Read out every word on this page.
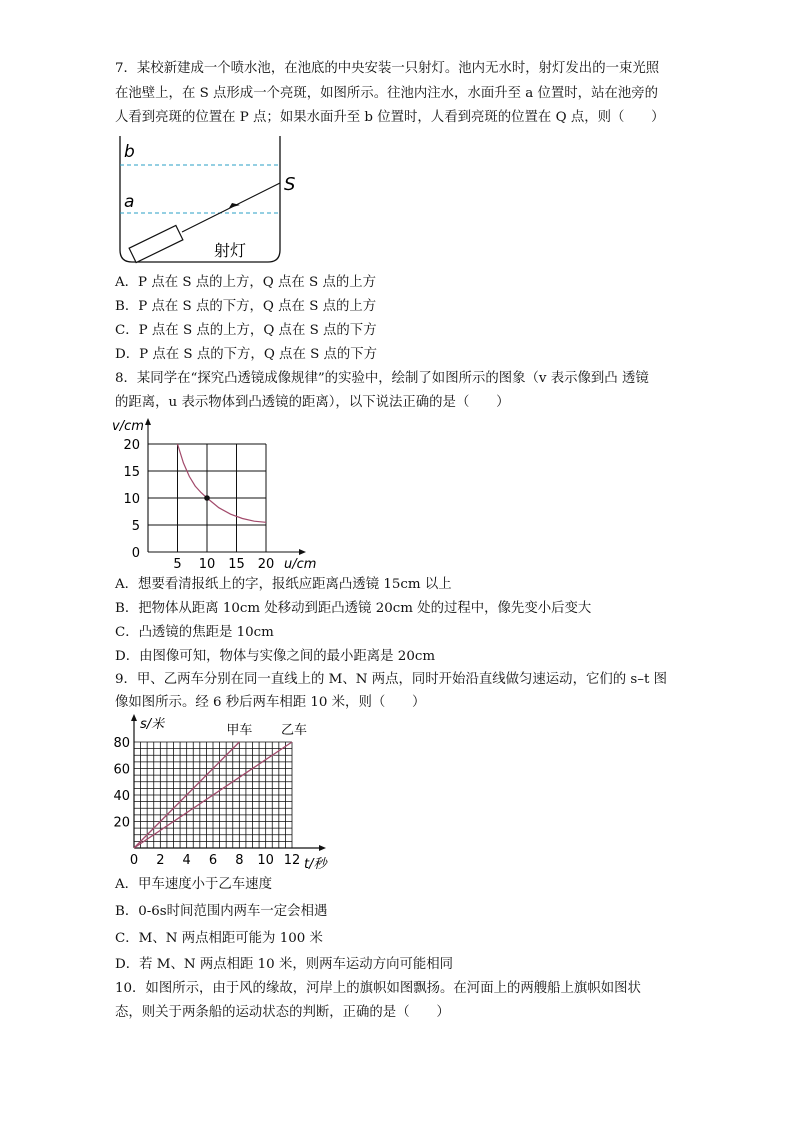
7．某校新建成一个喷水池，在池底的中央安装一只射灯。池内无水时，射灯发出的一束光照
在池壁上，在 S 点形成一个亮斑，如图所示。往池内注水，水面升至 a 位置时，站在池旁的
人看到亮斑的位置在 P 点；如果水面升至 b 位置时，人看到亮斑的位置在 Q 点，则（　　）
b
a
S
射灯
A．P 点在 S 点的上方，Q 点在 S 点的上方
B．P 点在 S 点的下方，Q 点在 S 点的上方
C．P 点在 S 点的上方，Q 点在 S 点的下方
D．P 点在 S 点的下方，Q 点在 S 点的下方
8．某同学在“探究凸透镜成像规律”的实验中，绘制了如图所示的图象（v 表示像到凸 透镜
的距离，u 表示物体到凸透镜的距离），以下说法正确的是（　　）
5 10 15 20
0
5
10
15
20
v/cm
u/cm
A．想要看清报纸上的字，报纸应距离凸透镜 15cm 以上
B．把物体从距离 10cm 处移动到距凸透镜 20cm 处的过程中，像先变小后变大
C．凸透镜的焦距是 10cm
D．由图像可知，物体与实像之间的最小距离是 20cm
9．甲、乙两车分别在同一直线上的 M、N 两点，同时开始沿直线做匀速运动，它们的 s–t 图
像如图所示。经 6 秒后两车相距 10 米，则（　　）
0 2 4 6 8 10 12
20
40
60
80
甲车 乙车
s/米
t/秒
A．甲车速度小于乙车速度
B．0-6s时间范围内两车一定会相遇
C．M、N 两点相距可能为 100 米
D．若 M、N 两点相距 10 米，则两车运动方向可能相同
10．如图所示，由于风的缘故，河岸上的旗帜如图飘扬。在河面上的两艘船上旗帜如图状
态，则关于两条船的运动状态的判断，正确的是（　　）
